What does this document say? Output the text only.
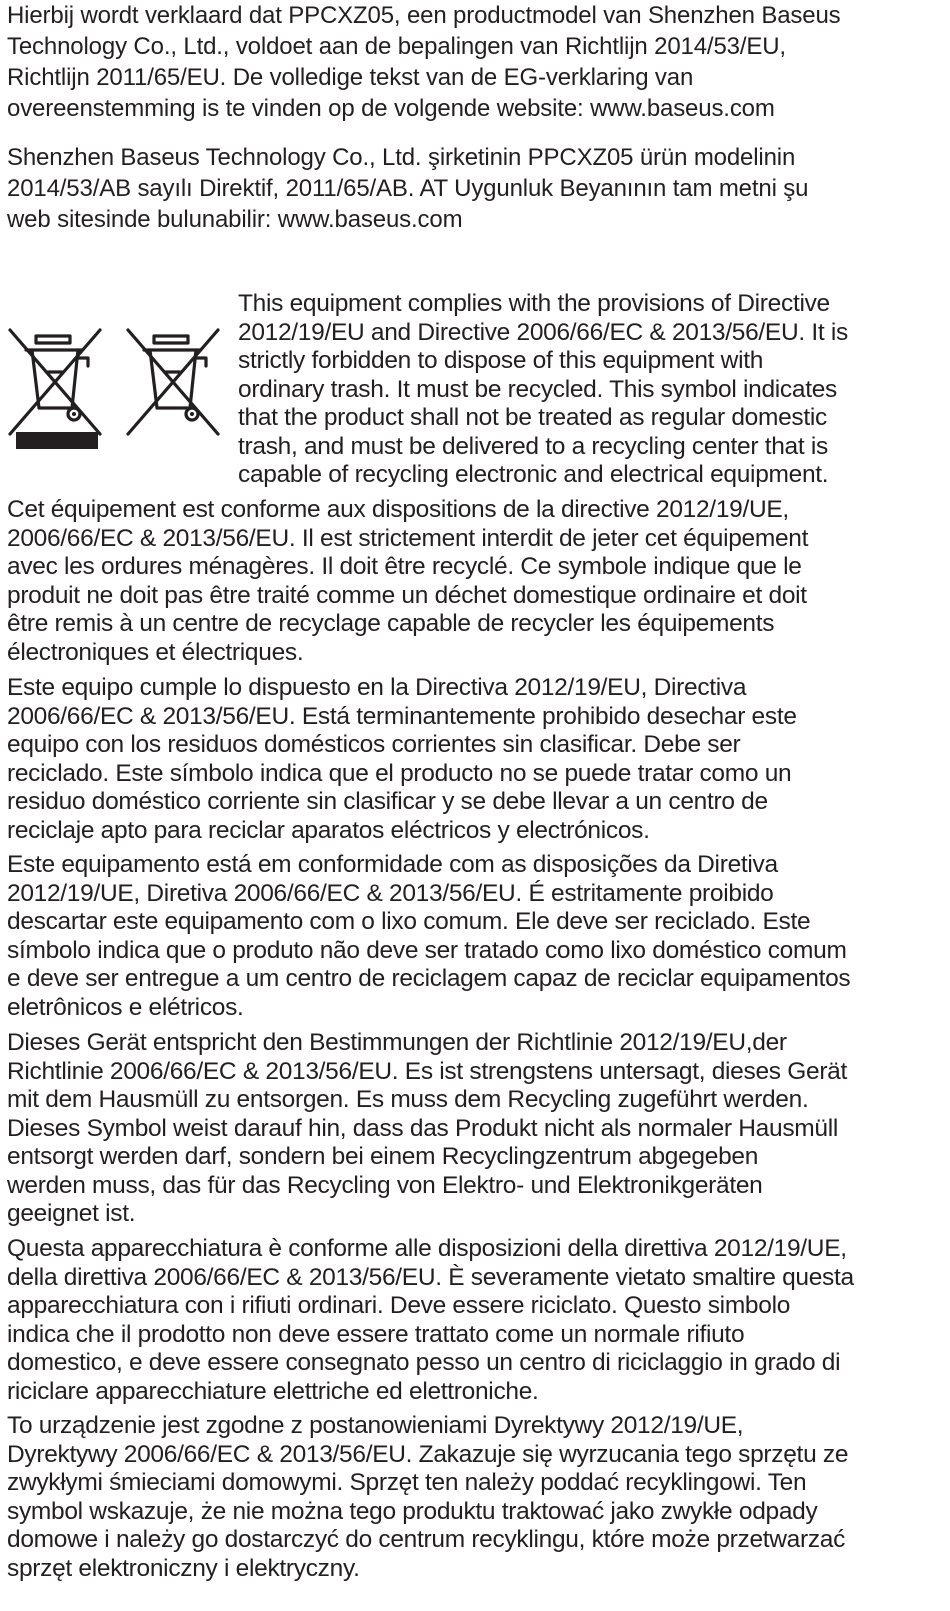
Hierbij wordt verklaard dat PPCXZ05, een productmodel van Shenzhen Baseus
Technology Co., Ltd., voldoet aan de bepalingen van Richtlijn 2014/53/EU,
Richtlijn 2011/65/EU. De volledige tekst van de EG-verklaring van
overeenstemming is te vinden op de volgende website: www.baseus.com

Shenzhen Baseus Technology Co., Ltd. şirketinin PPCXZ05 ürün modelinin
2014/53/AB sayılı Direktif, 2011/65/AB. AT Uygunluk Beyanının tam metni şu
web sitesinde bulunabilir: www.baseus.com

This equipment complies with the provisions of Directive
2012/19/EU and Directive 2006/66/EC & 2013/56/EU. It is
strictly forbidden to dispose of this equipment with
ordinary trash. It must be recycled. This symbol indicates
that the product shall not be treated as regular domestic
trash, and must be delivered to a recycling center that is
capable of recycling electronic and electrical equipment.

Cet équipement est conforme aux dispositions de la directive 2012/19/UE,
2006/66/EC & 2013/56/EU. Il est strictement interdit de jeter cet équipement
avec les ordures ménagères. Il doit être recyclé. Ce symbole indique que le
produit ne doit pas être traité comme un déchet domestique ordinaire et doit
être remis à un centre de recyclage capable de recycler les équipements
électroniques et électriques.

Este equipo cumple lo dispuesto en la Directiva 2012/19/EU, Directiva
2006/66/EC & 2013/56/EU. Está terminantemente prohibido desechar este
equipo con los residuos domésticos corrientes sin clasificar. Debe ser
reciclado. Este símbolo indica que el producto no se puede tratar como un
residuo doméstico corriente sin clasificar y se debe llevar a un centro de
reciclaje apto para reciclar aparatos eléctricos y electrónicos.

Este equipamento está em conformidade com as disposições da Diretiva
2012/19/UE, Diretiva 2006/66/EC & 2013/56/EU. É estritamente proibido
descartar este equipamento com o lixo comum. Ele deve ser reciclado. Este
símbolo indica que o produto não deve ser tratado como lixo doméstico comum
e deve ser entregue a um centro de reciclagem capaz de reciclar equipamentos
eletrônicos e elétricos.

Dieses Gerät entspricht den Bestimmungen der Richtlinie 2012/19/EU,der
Richtlinie 2006/66/EC & 2013/56/EU. Es ist strengstens untersagt, dieses Gerät
mit dem Hausmüll zu entsorgen. Es muss dem Recycling zugeführt werden.
Dieses Symbol weist darauf hin, dass das Produkt nicht als normaler Hausmüll
entsorgt werden darf, sondern bei einem Recyclingzentrum abgegeben
werden muss, das für das Recycling von Elektro- und Elektronikgeräten
geeignet ist.

Questa apparecchiatura è conforme alle disposizioni della direttiva 2012/19/UE,
della direttiva 2006/66/EC & 2013/56/EU. È severamente vietato smaltire questa
apparecchiatura con i rifiuti ordinari. Deve essere riciclato. Questo simbolo
indica che il prodotto non deve essere trattato come un normale rifiuto
domestico, e deve essere consegnato pesso un centro di riciclaggio in grado di
riciclare apparecchiature elettriche ed elettroniche.

To urządzenie jest zgodne z postanowieniami Dyrektywy 2012/19/UE,
Dyrektywy 2006/66/EC & 2013/56/EU. Zakazuje się wyrzucania tego sprzętu ze
zwykłymi śmieciami domowymi. Sprzęt ten należy poddać recyklingowi. Ten
symbol wskazuje, że nie można tego produktu traktować jako zwykłe odpady
domowe i należy go dostarczyć do centrum recyklingu, które może przetwarzać
sprzęt elektroniczny i elektryczny.
